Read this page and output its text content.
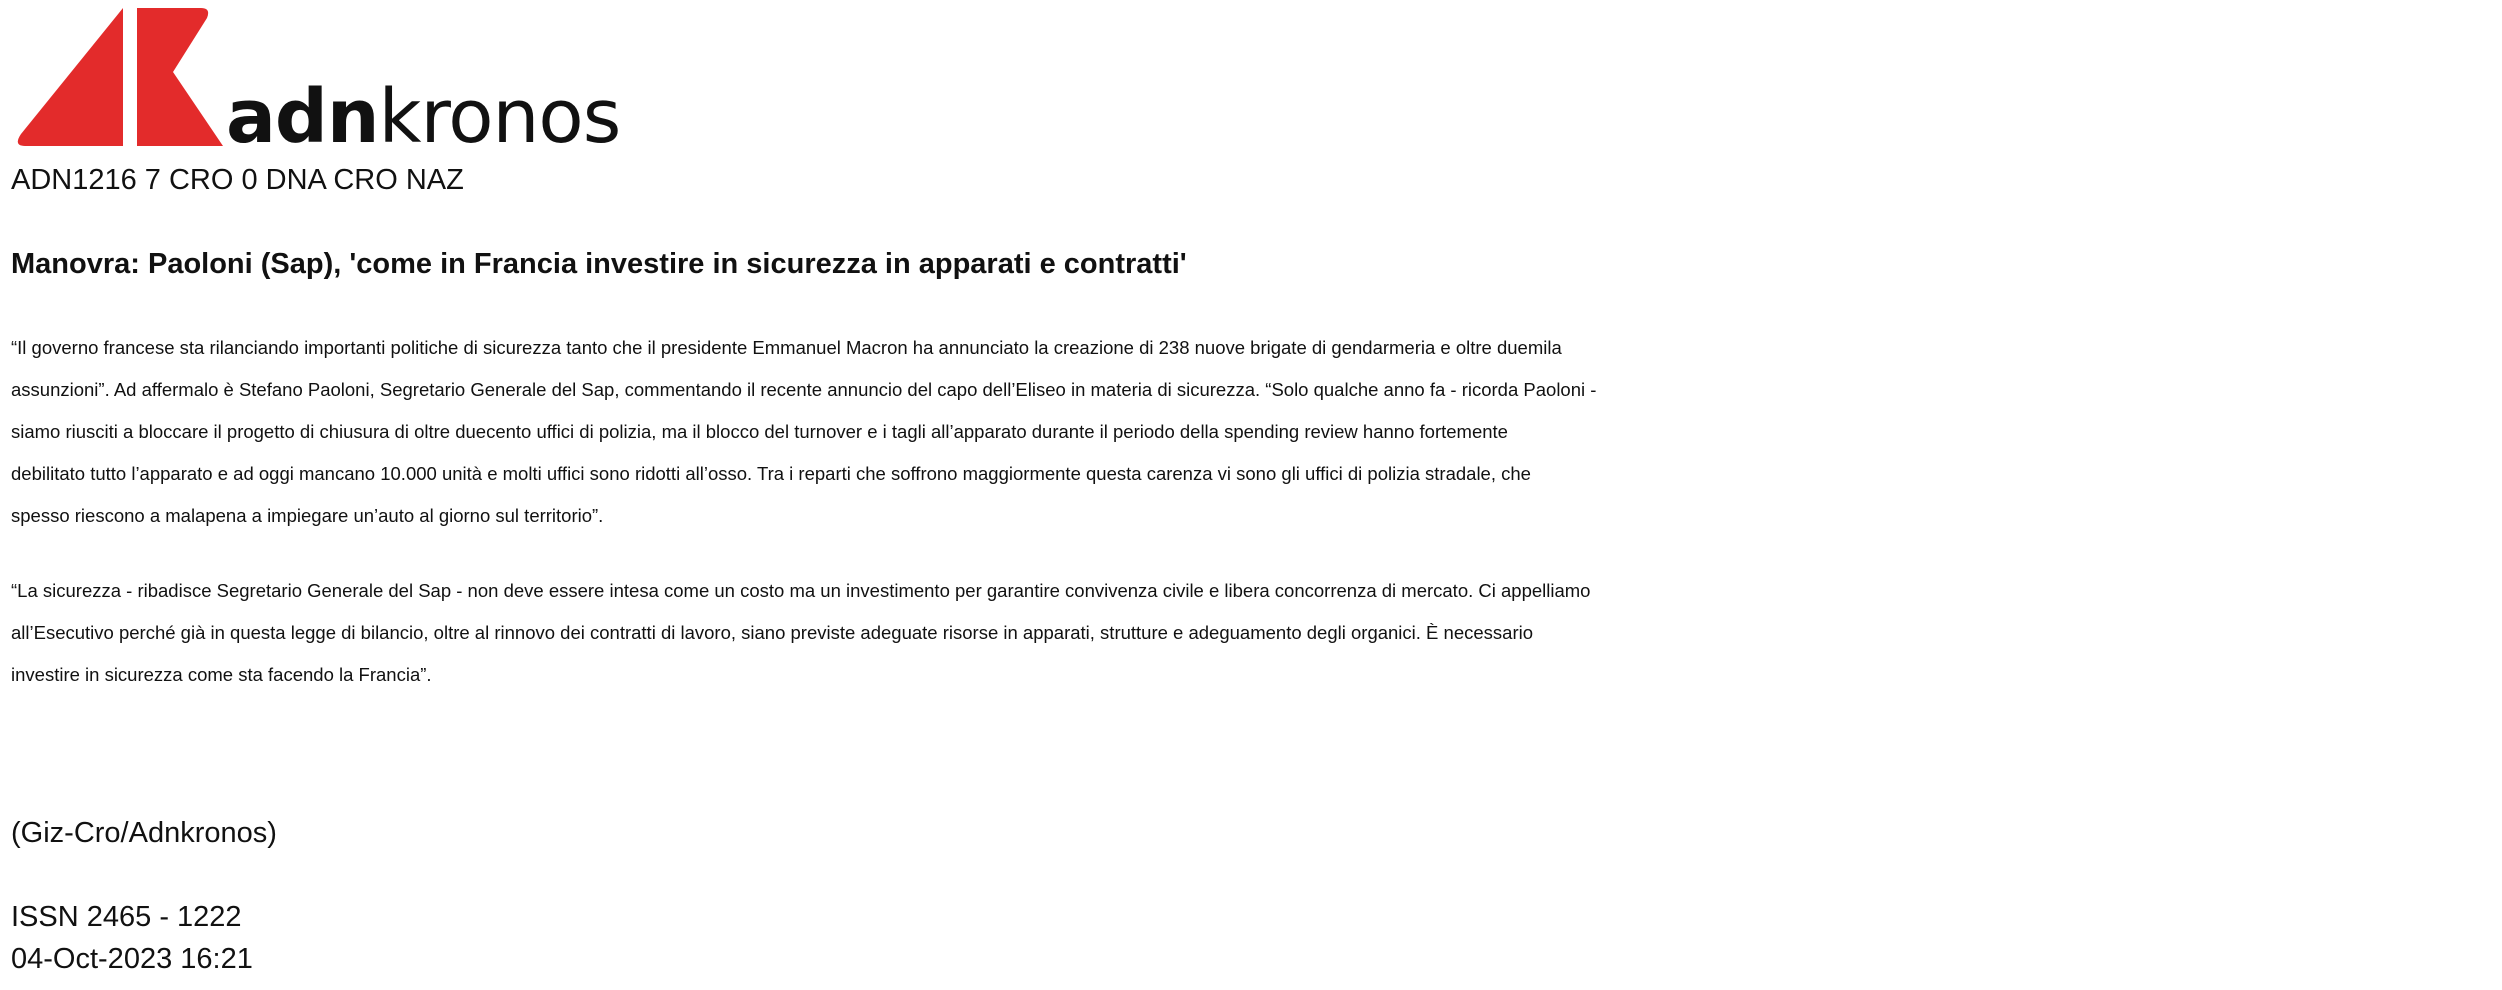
adnkronos
ADN1216 7 CRO 0 DNA CRO NAZ
Manovra: Paoloni (Sap), 'come in Francia investire in sicurezza in apparati e contratti'

“Il governo francese sta rilanciando importanti politiche di sicurezza tanto che il presidente Emmanuel Macron ha annunciato la creazione di 238 nuove brigate di gendarmeria e oltre duemila
assunzioni”. Ad affermalo è Stefano Paoloni, Segretario Generale del Sap, commentando il recente annuncio del capo dell’Eliseo in materia di sicurezza. “Solo qualche anno fa - ricorda Paoloni -
siamo riusciti a bloccare il progetto di chiusura di oltre duecento uffici di polizia, ma il blocco del turnover e i tagli all’apparato durante il periodo della spending review hanno fortemente
debilitato tutto l’apparato e ad oggi mancano 10.000 unità e molti uffici sono ridotti all’osso. Tra i reparti che soffrono maggiormente questa carenza vi sono gli uffici di polizia stradale, che
spesso riescono a malapena a impiegare un’auto al giorno sul territorio”.

“La sicurezza - ribadisce Segretario Generale del Sap - non deve essere intesa come un costo ma un investimento per garantire convivenza civile e libera concorrenza di mercato. Ci appelliamo
all’Esecutivo perché già in questa legge di bilancio, oltre al rinnovo dei contratti di lavoro, siano previste adeguate risorse in apparati, strutture e adeguamento degli organici. È necessario
investire in sicurezza come sta facendo la Francia”.

(Giz-Cro/Adnkronos)
ISSN 2465 - 1222
04-Oct-2023 16:21
